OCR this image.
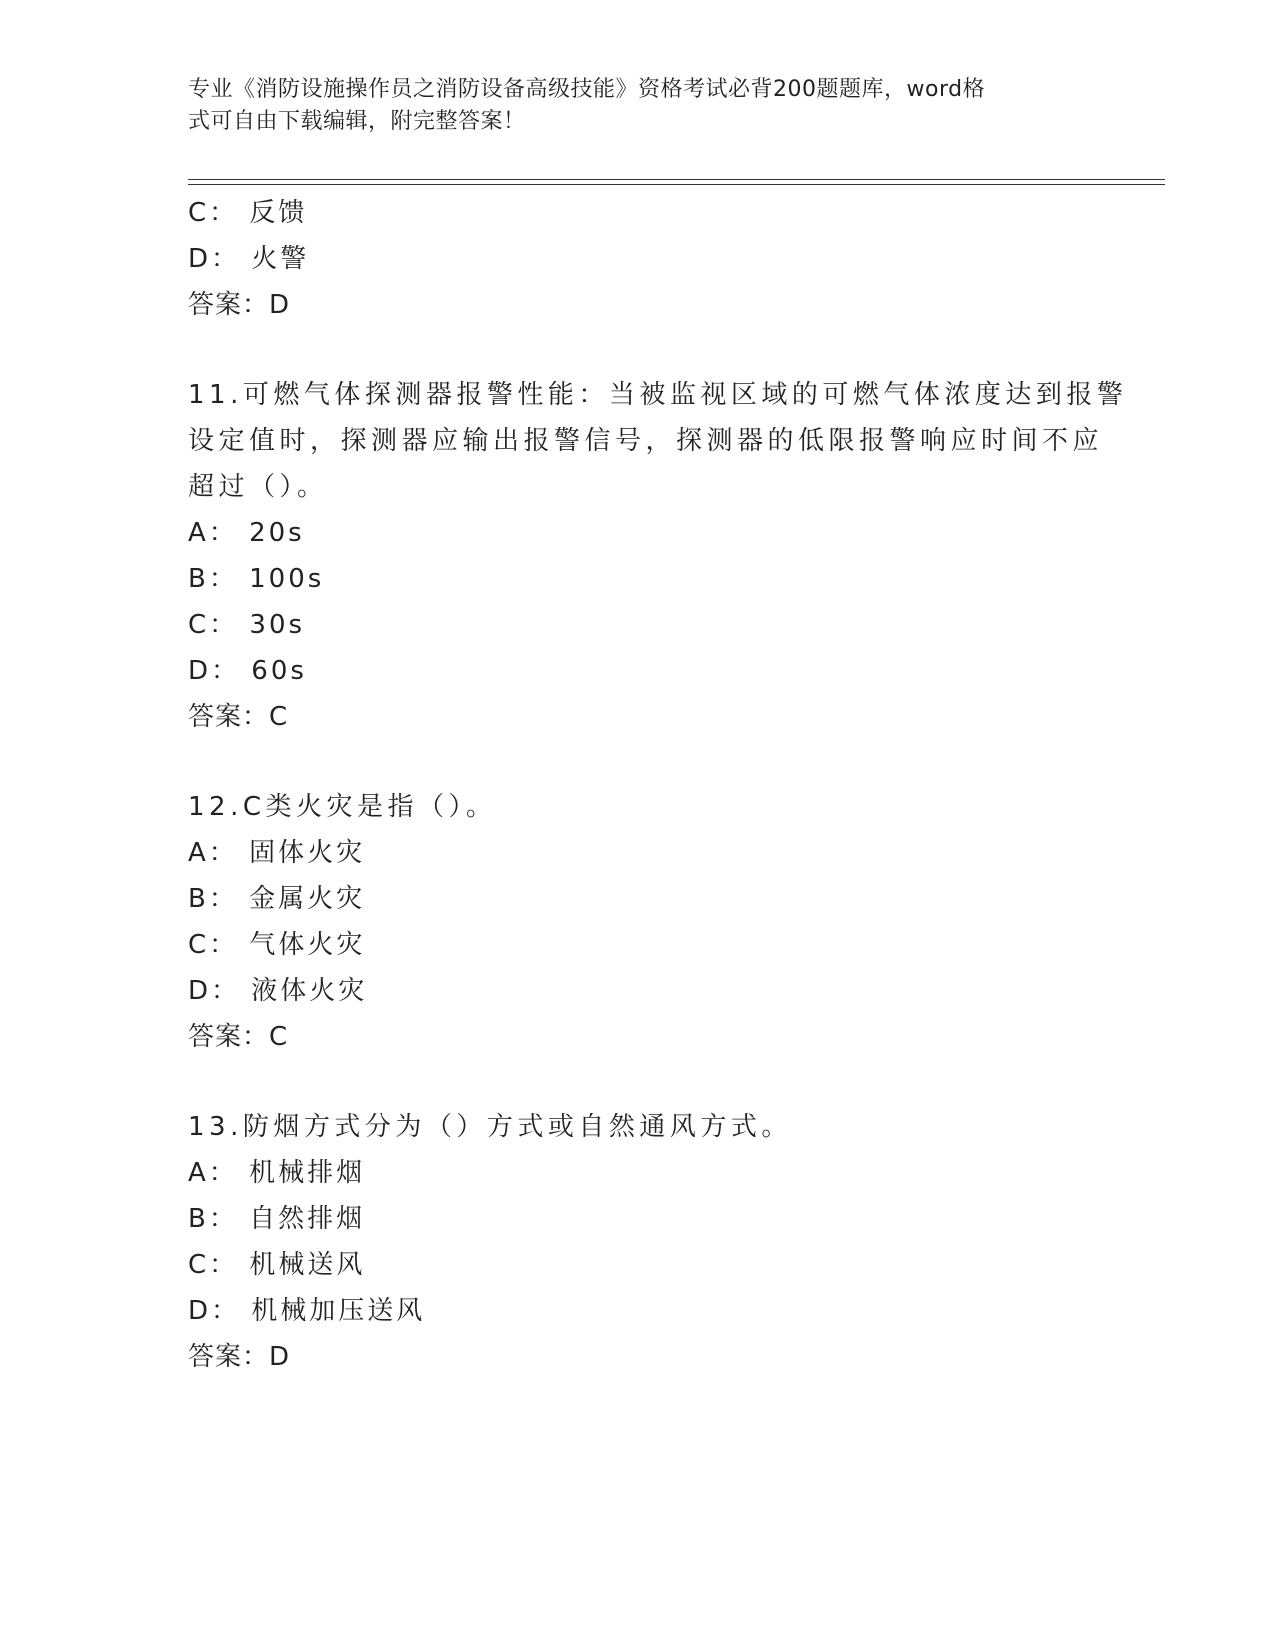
专业《消防设施操作员之消防设备高级技能》资格考试必背200题题库，word格
式可自由下载编辑，附完整答案！
C： 反馈
D： 火警
答案：D
11.可燃气体探测器报警性能：当被监视区域的可燃气体浓度达到报警
设定值时，探测器应输出报警信号，探测器的低限报警响应时间不应
超过（）。
A： 20s
B： 100s
C： 30s
D： 60s
答案：C
12.C类火灾是指（）。
A： 固体火灾
B： 金属火灾
C： 气体火灾
D： 液体火灾
答案：C
13.防烟方式分为（）方式或自然通风方式。
A： 机械排烟
B： 自然排烟
C： 机械送风
D： 机械加压送风
答案：D
